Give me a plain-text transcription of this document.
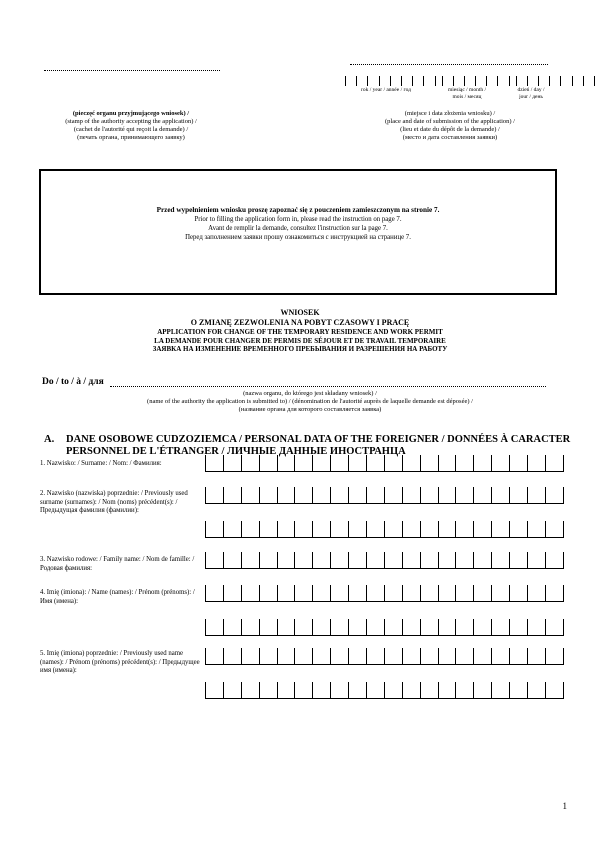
(pieczęć organu przyjmującego wniosek) /
(stamp of the authority accepting the application) /
(cachet de l'autorité qui reçoit la demande) /
(печать органа, принимающего заявку)
rok / year / année / год	miesiąc / month / mois / месяц
dzień / day / jour / день
(miejsce i data złożenia wniosku) /
(place and date of submission of the application) /
(lieu et date du dépôt de la demande) /
(место и дата составления заявки)
Przed wypełnieniem wniosku proszę zapoznać się z pouczeniem zamieszczonym na stronie 7.
Prior to filling the application form in, please read the instruction on page 7.
Avant de remplir la demande, consultez l'instruction sur la page 7.
Перед заполнением заявки прошу ознакомиться с инструкцией на странице 7.
WNIOSEK
O ZMIANĘ ZEZWOLENIA NA POBYT CZASOWY I PRACĘ
APPLICATION FOR CHANGE OF THE TEMPORARY RESIDENCE AND WORK PERMIT
LA DEMANDE POUR CHANGER DE PERMIS DE SÉJOUR ET DE TRAVAIL TEMPORAIRE
ЗАЯВКА НА ИЗМЕНЕНИЕ ВРЕМЕННОГО ПРЕБЫВАНИЯ И РАЗРЕШЕНИЯ НА РАБОТУ
Do / to / à / для
(nazwa organu, do którego jest składany wniosek) /
(name of the authority the application is submitted to) / (dénomination de l'autorité auprès de laquelle demande est déposée) /
(название органа для которого составляется заявка)
A. DANE OSOBOWE CUDZOZIEMCA / PERSONAL DATA OF THE FOREIGNER / DONNÉES À CARACTER PERSONNEL DE L'ÉTRANGER / ЛИЧНЫЕ ДАННЫЕ ИНОСТРАНЦА
1. Nazwisko: / Surname: / Nom: / Фамилия:
2. Nazwisko (nazwiska) poprzednie: / Previously used surname (surnames): / Nom (noms) précédent(s): / Предыдущая фамилия (фамилии):
3. Nazwisko rodowe: / Family name: / Nom de famille: / Родовая фамилия:
4. Imię (imiona): / Name (names): / Prénom (prénoms): / Имя (имена):
5. Imię (imiona) poprzednie: / Previously used name (names): / Prénom (prénoms) précédent(s): / Предыдущее имя (имена):
1
